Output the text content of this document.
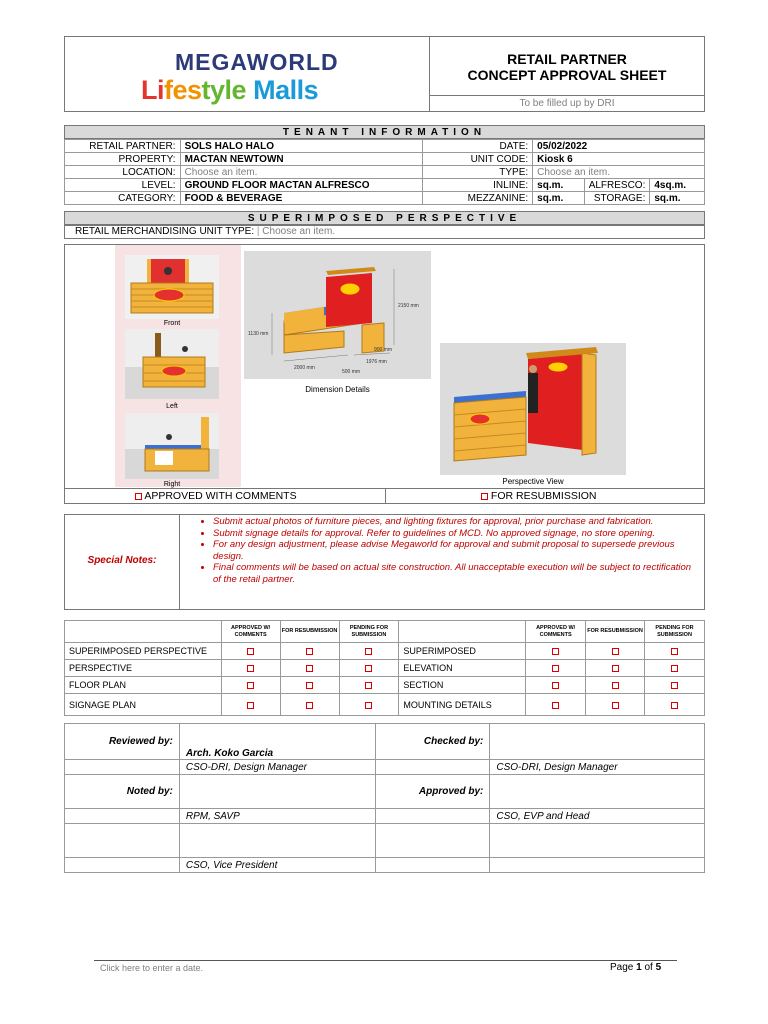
MEGAWORLD
Lifestyle Malls
RETAIL PARTNER
CONCEPT APPROVAL SHEET
To be filled up by DRI
TENANT INFORMATION
RETAIL PARTNER:	SOLS HALO HALO	DATE:	05/02/2022		
PROPERTY:	MACTAN NEWTOWN	UNIT CODE:	Kiosk 6		
LOCATION:	Choose an item.	TYPE:	Choose an item.		
LEVEL:	GROUND FLOOR MACTAN ALFRESCO	INLINE:	sq.m.	ALFRESCO:	4sq.m.
CATEGORY:	FOOD & BEVERAGE	MEZZANINE:	sq.m.	STORAGE:	sq.m.
SUPERIMPOSED PERSPECTIVE
RETAIL MERCHANDISING UNIT TYPE: | Choose an item.
Front
Left
Right
2150 mm
1130 mm
2000 mm
900 mm
1976 mm
500 mm
Dimension Details
Perspective View
APPROVED WITH COMMENTS	FOR RESUBMISSION
Special Notes:
• Submit actual photos of furniture pieces, and lighting fixtures for approval, prior purchase and fabrication.
• Submit signage details for approval. Refer to guidelines of MCD. No approved signage, no store opening.
• For any design adjustment, please advise Megaworld for approval and submit proposal to supersede previous design.
• Final comments will be based on actual site construction. All unacceptable execution will be subject to rectification of the retail partner.
	APPROVED W/ COMMENTS	FOR RESUBMISSION	PENDING FOR SUBMISSION		APPROVED W/ COMMENTS	FOR RESUBMISSION	PENDING FOR SUBMISSION
SUPERIMPOSED PERSPECTIVE				SUPERIMPOSED			
PERSPECTIVE				ELEVATION			
FLOOR PLAN				SECTION			
SIGNAGE PLAN				MOUNTING DETAILS			
Reviewed by:	Arch. Koko Garcia	Checked by:	
	CSO-DRI, Design Manager		CSO-DRI, Design Manager
Noted by:		Approved by:	
	RPM, SAVP		CSO, EVP and Head

	CSO, Vice President		
Click here to enter a date.	Page 1 of 5
